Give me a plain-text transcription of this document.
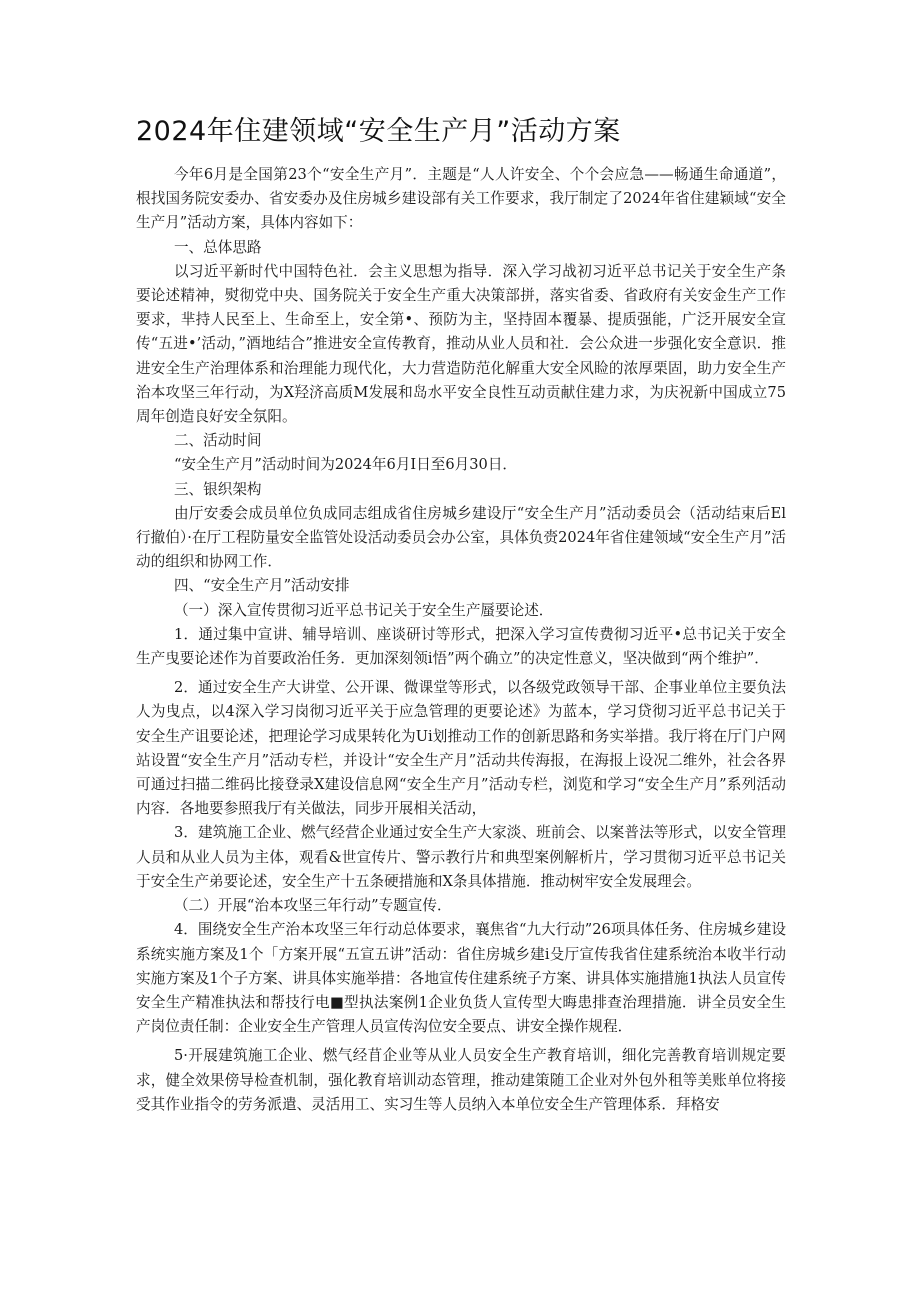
2024年住建领域“安全生产月”活动方案

今年6月是全国第23个“安全生产月”．主题是“人人许安全、个个会应急——畅通生命通道”，根找国务院安委办、省安委办及住房城乡建设部有关工作要求，我厅制定了2024年省住建颖域“安全生产月”活动方案，具体内容如下：

一、总体思路

以习近平新时代中国特色社．会主义思想为指导．深入学习战初习近平总书记关于安全生产条要论述精神，熨彻党中央、国务院关于安全生产重大决策部拼，落实省委、省政府有关安金生产工作要求，芈持人民至上、生命至上，安全第•、预防为主，坚持固本覆暴、提质强能，广泛开展安全宣传“五进•’活动，”酒地结合”推进安全宣传教育，推动从业人员和社．会公众进一步强化安全意识．推进安全生产治理体系和治理能力现代化，大力营造防范化解重大安全风睑的浓厚栗固，助力安全生产治本攻坚三年行动，为X羟济高质M发展和岛水平安全良性互动贡献住建力求，为庆祝新中国成立75周年创造良好安全氛阳。

二、活动时间

“安全生产月”活动时间为2024年6月I日至6月30日．

三、银织架构

由厅安委会成员单位负成同志组成省住房城乡建设厅“安全生产月”活动委员会（活动结束后El行撤伯）·在厅工程防量安全监管处设活动委员会办公室，具体负赍2024年省住建领域“安全生产月”活动的组织和协网工作．

四、“安全生产月”活动安排

（一）深入宣传贯彻习近平总书记关于安全生产蜃要论述．

1．通过集中宣讲、辅导培训、座谈研讨等形式，把深入学习宣传费彻习近平•总书记关于安全生产曳要论述作为首要政治任务．更加深刻领i悟”两个确立”的决定性意义，坚决做到“两个维护”．

2．通过安全生产大讲堂、公开课、微课堂等形式，以各级党政领导干部、企事业单位主要负法人为曳点，以4深入学习岗彻习近平关于应急管理的更要论述》为蓝本，学习贷彻习近平总书记关于安全生产诅要论述，把理论学习成果转化为Ui划推动工作的创新思路和务实举措。我厅将在厅门户网站设置“安全生产月”活动专栏，并设计“安全生产月”活动共传海报，在海报上设况二维外，社会各界可通过扫描二维码比接登录X建设信息网“安全生产月”活动专栏，浏览和学习“安全生产月”系列活动内容．各地要参照我厅有关做法，同步开展相关活动，

3．建筑施工企业、燃气经营企业通过安全生产大家淡、班前会、以案普法等形式，以安全管理人员和从业人员为主体，观看&世宣传片、警示教行片和典型案例解析片，学习贯彻习近平总书记关于安全生产弟要论述，安全生产十五条硬措施和X条具体措施．推动树牢安全发展理会。

（二）开展“治本攻坚三年行动”专题宣传．

4．围绕安全生产治本攻坚三年行动总体要求，襄焦省“九大行动”26项具体任务、住房城乡建设系统实施方案及1个「方案开展“五宣五讲”活动：省住房城乡建i殳厅宣传我省住建系统治本收半行动实施方案及1个子方案、讲具体实施举措：各地宣传住建系统子方案、讲具体实施措施1执法人员宣传安全生产精准执法和帮技行电■型执法案例1企业负货人宣传型大晦患排查治理措施．讲全员安全生产岗位责任制：企业安全生产管理人员宣传沟位安全要点、讲安全操作规程．

5·开展建筑施工企业、燃气经苜企业等从业人员安全生产教育培训，细化完善教育培训规定要求，健全效果傍导检查机制，强化教育培训动态管理，推动建策随工企业对外包外租等美账单位将接受其作业指令的劳务派遣、灵活用工、实习生等人员纳入本单位安全生产管理体系．拜格安
